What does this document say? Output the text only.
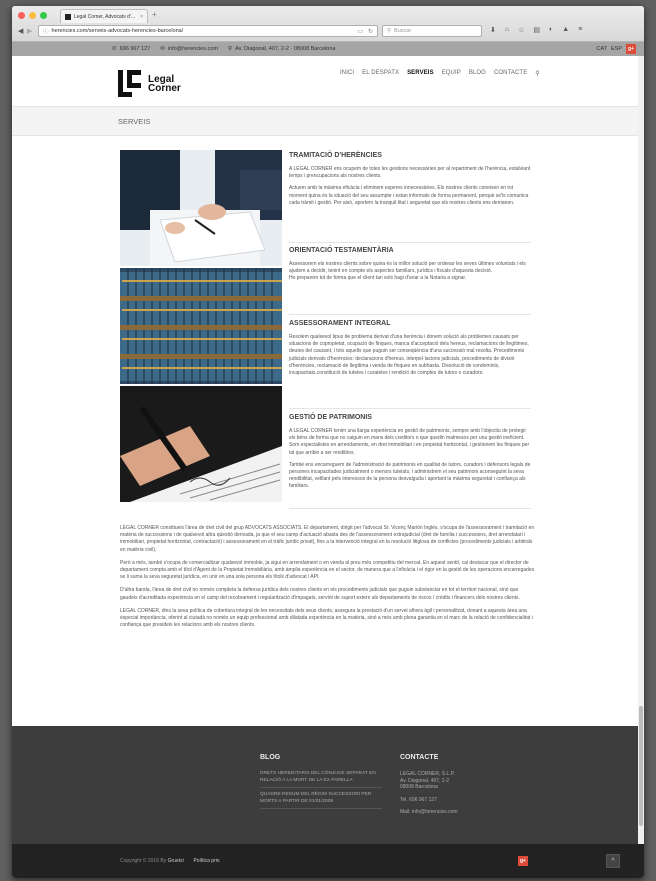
Legal Corner, Advocats d'... × +
◀ ▶ ⓘ herencies.com/serveis-advocats-herencies-barcelona/	▭ ↻	⚲ Buscar	⬇ ⌂ ☆ ▤ ◐ ▲ ≡
✆ 696 967 127 ✉ info@herencies.com ⚲ Av. Diagonal, 407, 2-2 · 08008 Barcelona	CAT ESP	g+
Legal
Corner
INICI EL DESPATX SERVEIS EQUIP BLOG CONTACTE ⚲
SERVEIS
TRAMITACIÓ D'HERÈNCIES

A LEGAL CORNER ens ocupem de totes les gestions necessàries per al repartiment de l'herència, estalviant temps i preocupacions als nostres clients.

Actuem amb la màxima eficàcia i eliminem esperes innecessàries. Els nostres clients coneixen en tot moment quina és la situació del seu assumpte i estan informats de forma permanent, perquè se'ls comunica cada tràmit i gestió. Per això, aportem la tranquil·litat i seguretat que els nostres clients ens demanen.

ORIENTACIÓ TESTAMENTÀRIA

Assessorem els nostres clients sobre quina és la millor solució per ordenar les seves últimes voluntats i els ajudem a decidir, tenint en compte els aspectes familiars, jurídics i fiscals d'aquesta decisió.
Ho preparem tot de forma que el client tan sols hagi d'anar a la Notaria a signar.

ASSESSORAMENT INTEGRAL

Resolem qualsevol tipus de problema derivat d'una herència i donem solució als problemes causats per situacions de copropietat, ocupació de finques, manca d'acceptació dels hereus, reclamacions de llegítimes, deutes del causant, i tots aquells que puguin ser conseqüència d'una successió mal resolta. Procediments judicials derivats d'herències: declaracions d'hereus, interpel·lacions judicials, procediments de divisió d'herències, reclamació de llegítima i venda de finques en subhasta. Dissolució de condominis, incapacitats,constitució de tuteles i curateles i rendició de comptes de tutors o curadors.

GESTIÓ DE PATRIMONIS

A LEGAL CORNER tenim una llarga experiència en gestió de patrimonis, sempre amb l'objectiu de protegir els béns de forma que no caiguin en mans dels creditors o que quedin malmesos per una gestió ineficient. Som especialistes en arrendaments, en dret immobiliari i en propietat horitzontal, i gestionem les finques per tal que arribin a ser rendibles.

També ens encarreguem de l'administració de patrimonis en qualitat de tutors, curadors i defensors legals de persones incapacitades judicialment o menors tutelats, i administrem el seu patrimoni aconseguint la seva rendibilitat, vetllant pels interessos de la persona desvalguda i aportant la màxima seguretat i confiança als familiars.

LEGAL CORNER constitueix l'àrea de dret civil del grup ADVOCATS ASSOCIATS. El departament, dirigit per l'advocat Sr. Vicenç Marión Inglés, s'ocupa de l'assessorament i tramitació en matèria de successions i de qualsevol altra qüestió derivada, ja que el seu camp d'actuació abasta des de l'assessorament extrajudicial (dret de família i successions, dret arrendatari i immobiliari, propietat horitzontal, contractació) i assessorament en el tràfic jurídic privat), fins a la intervenció integral en la resolució litigiosa de conflictes (procediments judicials i arbitrals en matèria civil).

Però a més, també s'ocupa de comercialitzar qualsevol immoble, ja sigui en arrendament o en venda al preu més competitiu del mercat. En aquest sentit, cal destacar que el director de departament compta amb el títol d'Agent de la Propietat Immobiliària, amb àmplia experiència en el sector, de manera que a l'eficàcia i el rigor en la gestió de les operacions encarregades se li suma la seva seguretat jurídica, en unir en una sola persona els títols d'advocat i API.

D'altra banda, l'àrea de dret civil no només completa la defensa jurídica dels nostres clients en els procediments judicials que puguin substanciar en tot el territori nacional, sinó que gaudeix d'acreditada experiència en el camp del recobrament i regularització d'impagats, servint de suport extern als departaments de riscos / crèdits i financers dels nostres clients.

LEGAL CORNER, dins la seva política de cobertura integral de les necessitats dels seus clients, assegura la prestació d'un servei alhora àgil i personalitzat, donant a aquesta àrea una especial importància, oferint al ciutadà no només un equip professional amb dilatada experiència en la matèria, sinó a més amb plena garantia en el marc de la relació de confidencialitat i confiança que presideix les relacions amb els nostres clients.

BLOG
DRETS HEREDITARIS DEL CÒNJUGE SEPARAT EN RELACIÓ A LA MORT DE LA EX PARELLA
QUADRE-RESUM DEL RÈGIM SUCCESSORI PER MORTS A PARTIR DE 01/01/2009
CONTACTE
LEGAL CORNER, S.L.P.
Av. Diagonal, 407, 2-2
08008 Barcelona
Tel. 696 967 127
Mail: info@herencies.com
Copyright © 2016 By Gruetzi Política priv.	g+	^
